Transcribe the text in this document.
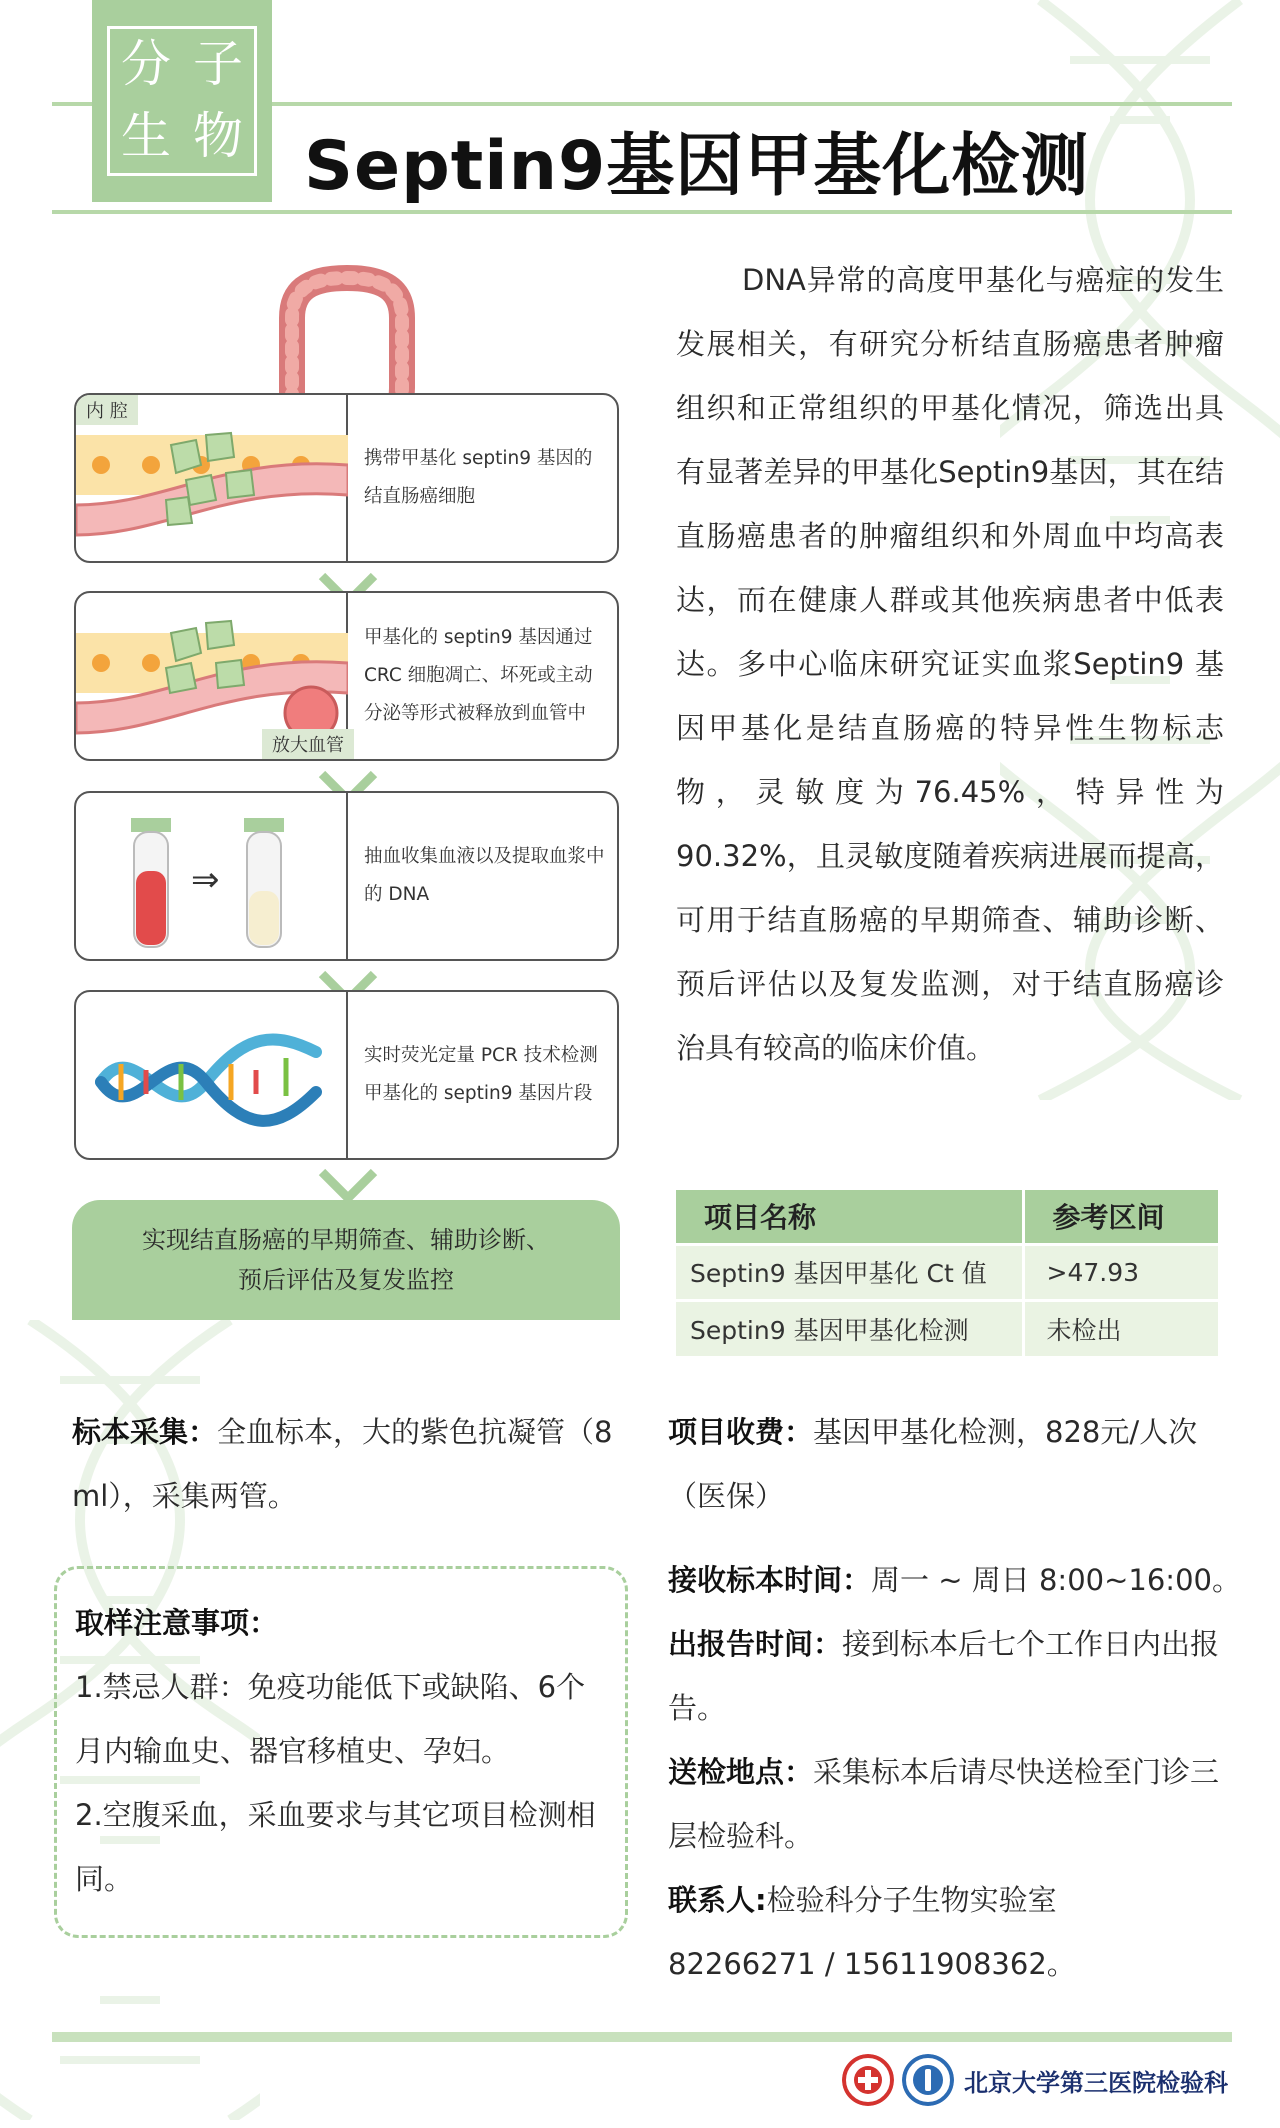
分 子
生 物 Septin9基因甲基化检测
内 腔
携带甲基化 septin9 基因的结直肠癌细胞
放大血管
甲基化的 septin9 基因通过 CRC 细胞凋亡、坏死或主动分泌等形式被释放到血管中
⇒
抽血收集血液以及提取血浆中的 DNA
实时荧光定量 PCR 技术检测甲基化的 septin9 基因片段
实现结直肠癌的早期筛查、辅助诊断、
预后评估及复发监控

DNA异常的高度甲基化与癌症的发生发展相关，有研究分析结直肠癌患者肿瘤组织和正常组织的甲基化情况，筛选出具有显著差异的甲基化Septin9基因，其在结直肠癌患者的肿瘤组织和外周血中均高表达，而在健康人群或其他疾病患者中低表达。多中心临床研究证实血浆Septin9 基因甲基化是结直肠癌的特异性生物标志物，灵敏度为76.45%，特异性为90.32%，且灵敏度随着疾病进展而提高，可用于结直肠癌的早期筛查、辅助诊断、预后评估以及复发监测，对于结直肠癌诊治具有较高的临床价值。

项目名称	参考区间
Septin9 基因甲基化 Ct 值	>47.93
Septin9 基因甲基化检测	未检出
标本采集：全血标本，大的紫色抗凝管（8 ml），采集两管。
取样注意事项：
1.禁忌人群：免疫功能低下或缺陷、6个月内输血史、器官移植史、孕妇。
2.空腹采血，采血要求与其它项目检测相同。
项目收费：基因甲基化检测，828元/人次（医保）
接收标本时间：周一 ~ 周日 8:00~16:00。
出报告时间：接到标本后七个工作日内出报告。
送检地点：采集标本后请尽快送检至门诊三层检验科。
联系人:检验科分子生物实验室 82266271 / 15611908362。
北京大学第三医院检验科
